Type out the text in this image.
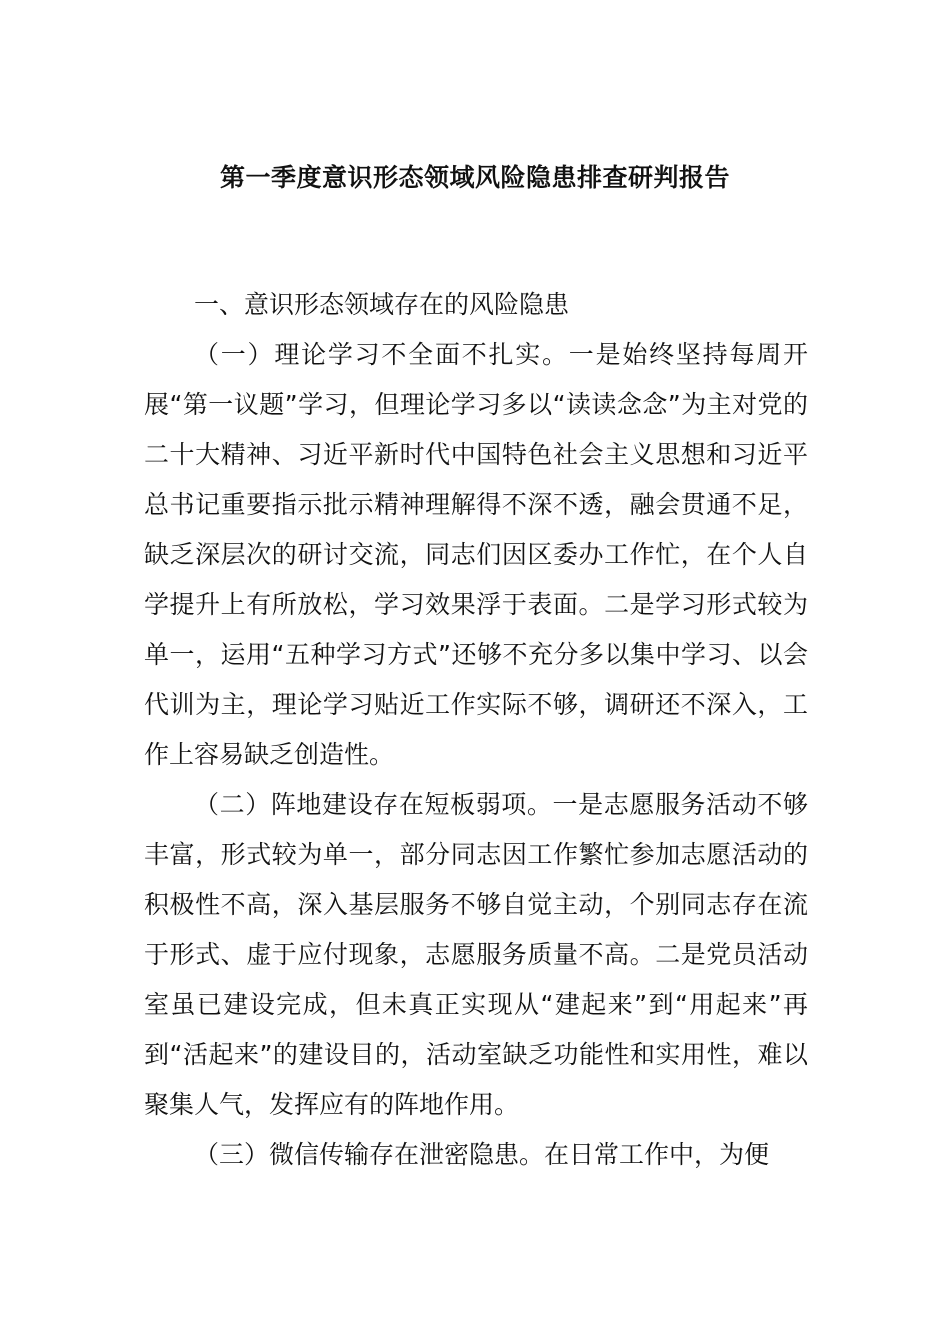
第一季度意识形态领域风险隐患排查研判报告
一、意识形态领域存在的风险隐患

（一）理论学习不全面不扎实。一是始终坚持每周开展“第一议题”学习，但理论学习多以“读读念念”为主对党的二十大精神、习近平新时代中国特色社会主义思想和习近平总书记重要指示批示精神理解得不深不透，融会贯通不足，缺乏深层次的研讨交流，同志们因区委办工作忙，在个人自学提升上有所放松，学习效果浮于表面。二是学习形式较为单一，运用“五种学习方式”还够不充分多以集中学习、以会代训为主，理论学习贴近工作实际不够，调研还不深入，工作上容易缺乏创造性。

（二）阵地建设存在短板弱项。一是志愿服务活动不够丰富，形式较为单一，部分同志因工作繁忙参加志愿活动的积极性不高，深入基层服务不够自觉主动，个别同志存在流于形式、虚于应付现象，志愿服务质量不高。二是党员活动室虽已建设完成，但未真正实现从“建起来”到“用起来”再到“活起来”的建设目的，活动室缺乏功能性和实用性，难以聚集人气，发挥应有的阵地作用。

（三）微信传输存在泄密隐患。在日常工作中，为便
